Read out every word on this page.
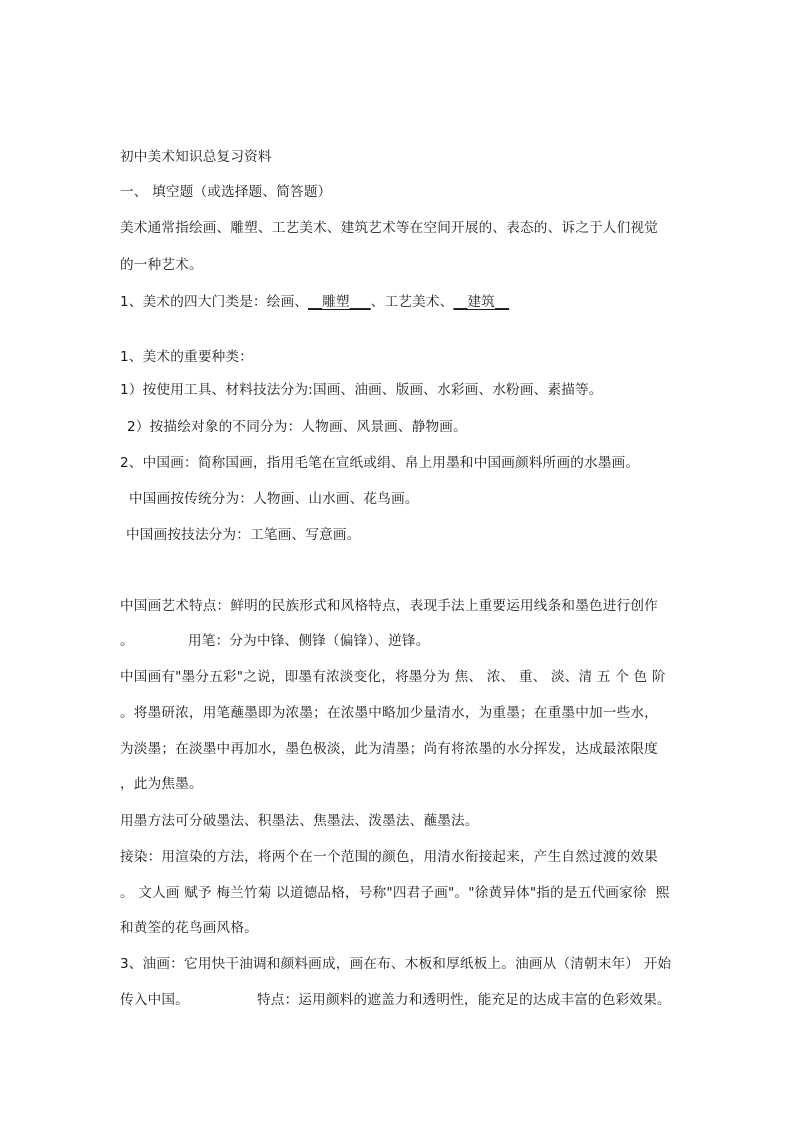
初中美术知识总复习资料
一、 填空题（或选择题、简答题）
美术通常指绘画、雕塑、工艺美术、建筑艺术等在空间开展的、表态的、诉之于人们视觉
的一种艺术。
1、美术的四大门类是：绘画、__雕塑___、工艺美术、__建筑__
1、美术的重要种类：
1）按使用工具、材料技法分为:国画、油画、版画、水彩画、水粉画、素描等。
2）按描绘对象的不同分为：人物画、风景画、静物画。
2、中国画：简称国画，指用毛笔在宣纸或绢、帛上用墨和中国画颜料所画的水墨画。
中国画按传统分为：人物画、山水画、花鸟画。
中国画按技法分为：工笔画、写意画。
中国画艺术特点：鲜明的民族形式和风格特点，表现手法上重要运用线条和墨色进行创作
。	用笔：分为中锋、侧锋（偏锋）、逆锋。
中国画有"墨分五彩"之说，即墨有浓淡变化，将墨分为 焦、 浓、 重、 淡、清 五 个 色 阶
。将墨研浓，用笔蘸墨即为浓墨；在浓墨中略加少量清水，为重墨；在重墨中加一些水，
为淡墨；在淡墨中再加水，墨色极淡，此为清墨；尚有将浓墨的水分挥发，达成最浓限度
，此为焦墨。
用墨方法可分破墨法、积墨法、焦墨法、泼墨法、蘸墨法。
接染：用渲染的方法，将两个在一个范围的颜色，用清水衔接起来，产生自然过渡的效果
。 文人画 赋予 梅兰竹菊 以道德品格，号称"四君子画"。"徐黄异体"指的是五代画家徐  熙
和黄筌的花鸟画风格。
3、油画：它用快干油调和颜料画成，画在布、木板和厚纸板上。油画从（清朝末年） 开始
传入中国。	特点：运用颜料的遮盖力和透明性，能充足的达成丰富的色彩效果。
